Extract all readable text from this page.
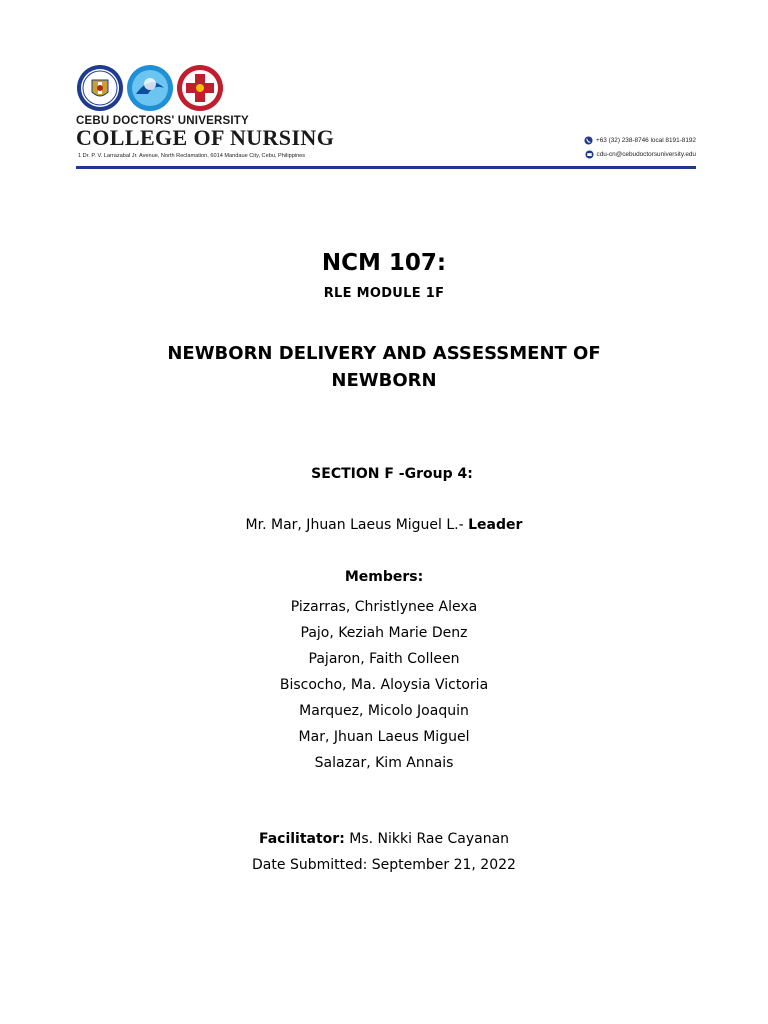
CEBU DOCTORS' UNIVERSITY
COLLEGE OF NURSING
1 Dr. P. V. Larrazabal Jr. Avenue, North Reclamation, 6014 Mandaue City, Cebu, Philippines
+63 (32) 238-8746 local 8191-8192
cdu-cn@cebudoctorsuniversity.edu
NCM 107:
RLE MODULE 1F
NEWBORN DELIVERY AND ASSESSMENT OF
NEWBORN
SECTION F -Group 4:
Mr. Mar, Jhuan Laeus Miguel L.- Leader
Members:
Pizarras, Christlynee Alexa
Pajo, Keziah Marie Denz
Pajaron, Faith Colleen
Biscocho, Ma. Aloysia Victoria
Marquez, Micolo Joaquin
Mar, Jhuan Laeus Miguel
Salazar, Kim Annais
Facilitator: Ms. Nikki Rae Cayanan
Date Submitted: September 21, 2022
